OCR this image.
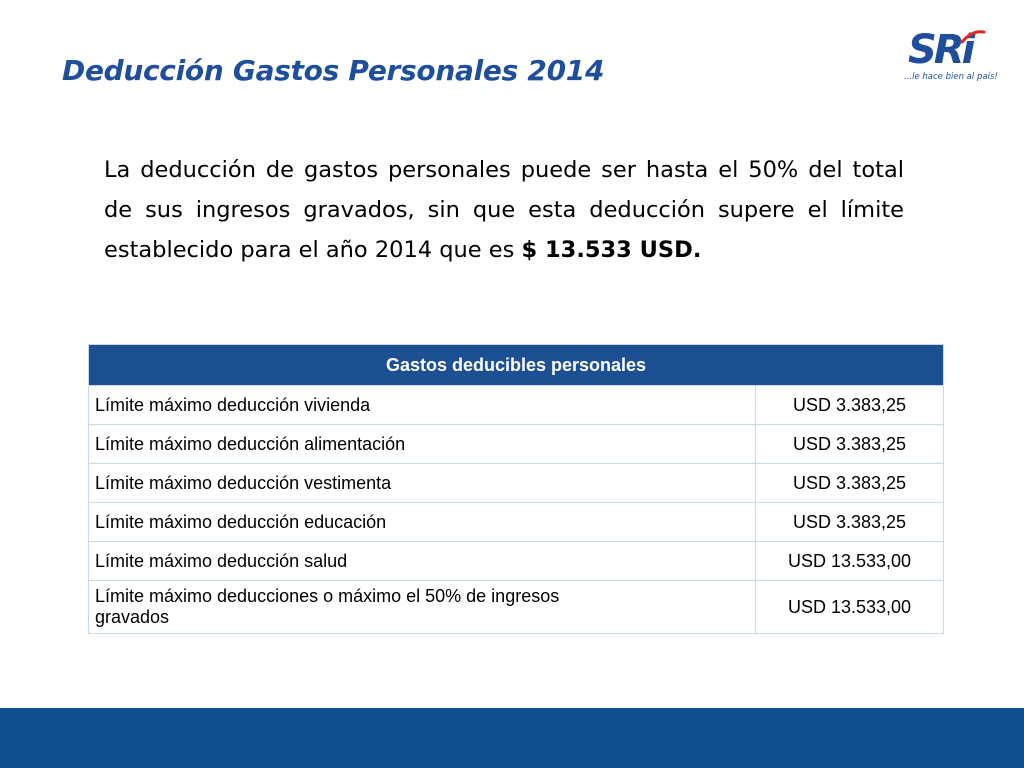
Deducción Gastos Personales 2014	SRi
...le hace bien al país!

La deducción de gastos personales puede ser hasta el 50% del total de sus ingresos gravados, sin que esta deducción supere el límite establecido para el año 2014 que es $ 13.533 USD.

Gastos deducibles personales	
Límite máximo deducción vivienda	USD 3.383,25
Límite máximo deducción alimentación	USD 3.383,25
Límite máximo deducción vestimenta	USD 3.383,25
Límite máximo deducción educación	USD 3.383,25
Límite máximo deducción salud	USD 13.533,00

Límite máximo deducciones o máximo el 50% de ingresos gravados	USD 13.533,00
